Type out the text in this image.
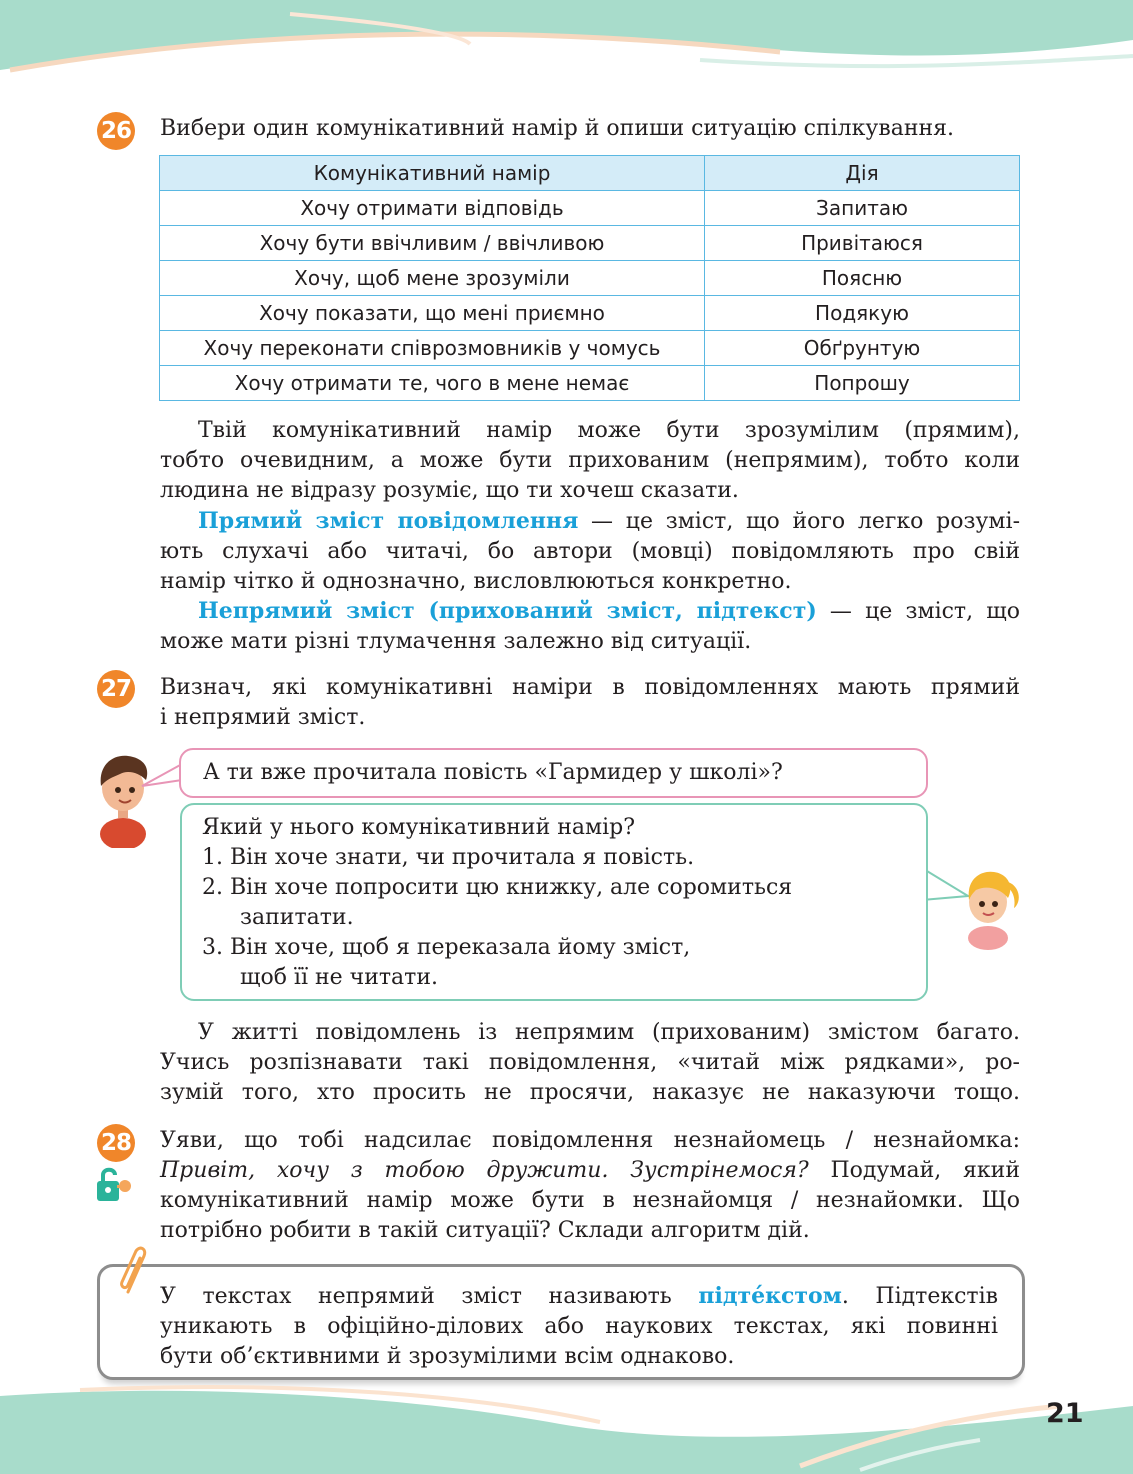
26 Вибери один комунікативний намір й опиши ситуацію спілкування.

Комунікативний намір	Дія
Хочу отримати відповідь	Запитаю
Хочу бути ввічливим / ввічливою	Привітаюся
Хочу, щоб мене зрозуміли	Поясню
Хочу показати, що мені приємно	Подякую
Хочу переконати співрозмовників у чомусь	Обґрунтую
Хочу отримати те, чого в мене немає	Попрошу

Твій комунікативний намір може бути зрозумілим (прямим),
тобто очевидним, а може бути прихованим (непрямим), тобто коли
людина не відразу розуміє, що ти хочеш сказати.

Прямий зміст повідомлення — це зміст, що його легко розумі-
ють слухачі або читачі, бо автори (мовці) повідомляють про свій
намір чітко й однозначно, висловлюються конкретно.

Непрямий зміст (прихований зміст, підтекст) — це зміст, що
може мати різні тлумачення залежно від ситуації.

27 Визнач, які комунікативні наміри в повідомленнях мають прямий
і непрямий зміст.

А ти вже прочитала повість «Гармидер у школі»?

Який у нього комунікативний намір?
1. Він хоче знати, чи прочитала я повість.
2. Він хоче попросити цю книжку, але соромиться
запитати.
3. Він хоче, щоб я переказала йому зміст,
щоб її не читати.

У житті повідомлень із непрямим (прихованим) змістом багато.
Учись розпізнавати такі повідомлення, «читай між рядками», ро-
зумій того, хто просить не просячи, наказує не наказуючи тощо.

28 Уяви, що тобі надсилає повідомлення незнайомець / незнайомка:
Привіт, хочу з тобою дружити. Зустрінемося? Подумай, який
комунікативний намір може бути в незнайомця / незнайомки. Що
потрібно робити в такій ситуації? Склади алгоритм дій.

У текстах непрямий зміст називають підте́кстом. Підтекстів
уникають в офіційно-ділових або наукових текстах, які повинні
бути об’єктивними й зрозумілими всім однаково.

21
